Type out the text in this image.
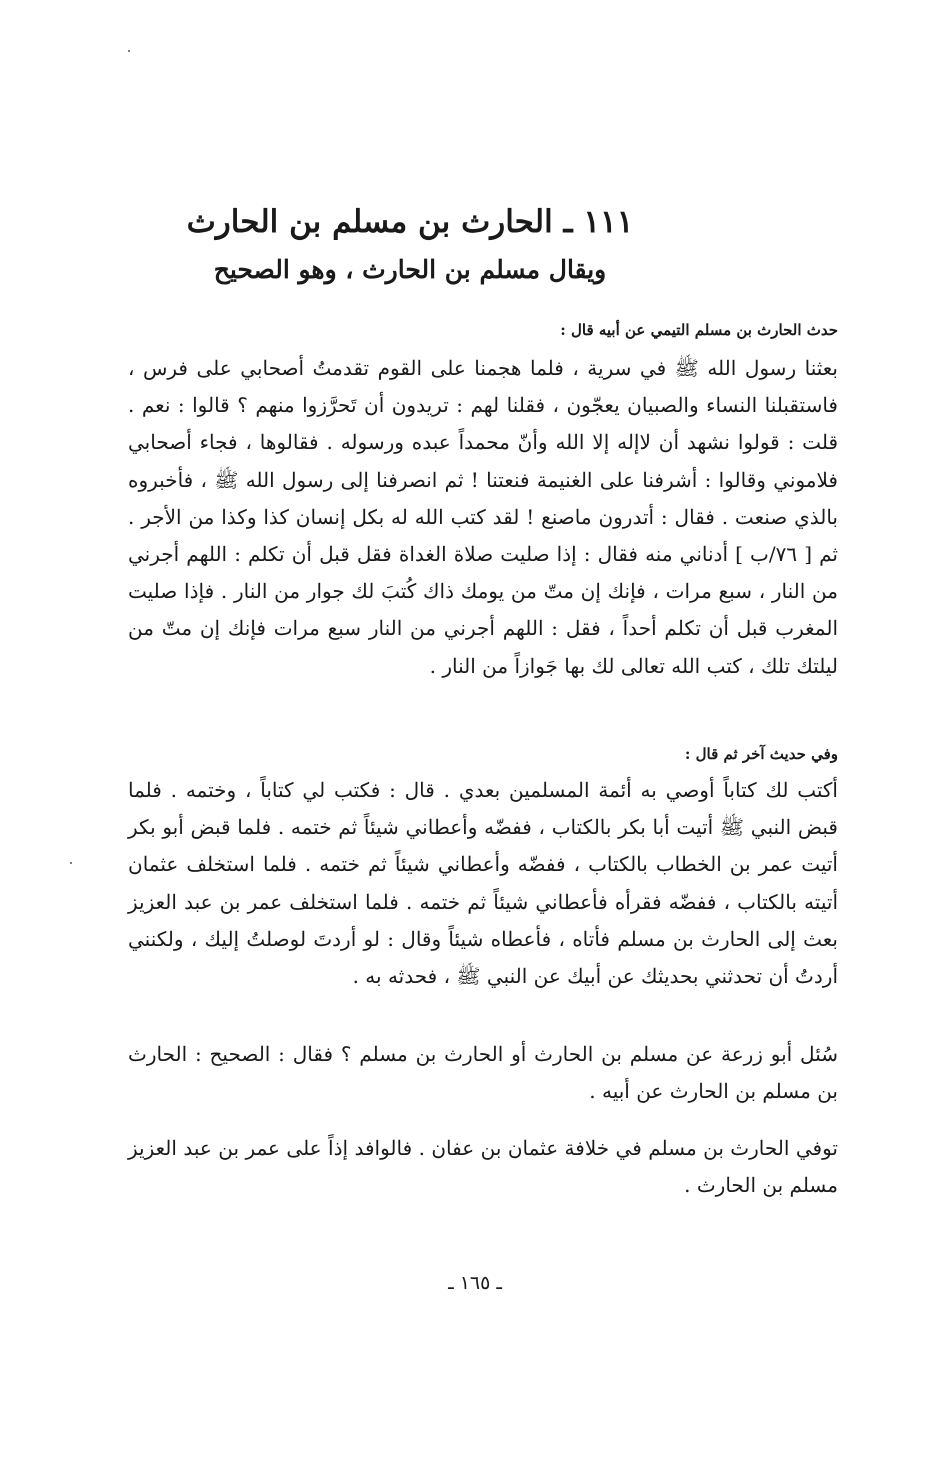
١١١ ـ الحارث بن مسلم بن الحارث
ويقال مسلم بن الحارث ، وهو الصحيح

حدث الحارث بن مسلم التيمي عن أبيه قال :

بعثنا رسول الله ﷺ في سرية ، فلما هجمنا على القوم تقدمتُ أصحابي على فرس ، فاستقبلنا النساء والصبيان يعجّون ، فقلنا لهم : تريدون أن تَحرَّزوا منهم ؟ قالوا : نعم . قلت : قولوا نشهد أن لاإله إلا الله وأنّ محمداً عبده ورسوله . فقالوها ، فجاء أصحابي فلاموني وقالوا : أشرفنا على الغنيمة فنعتنا ! ثم انصرفنا إلى رسول الله ﷺ ، فأخبروه بالذي صنعت . فقال : أتدرون ماصنع ! لقد كتب الله له بكل إنسان كذا وكذا من الأجر . ثم [ ٧٦/ب ] أدناني منه فقال : إذا صليت صلاة الغداة فقل قبل أن تكلم : اللهم أجرني من النار ، سبع مرات ، فإنك إن متّ من يومك ذاك كُتبَ لك جوار من النار . فإذا صليت المغرب قبل أن تكلم أحداً ، فقل : اللهم أجرني من النار سبع مرات فإنك إن متّ من ليلتك تلك ، كتب الله تعالى لك بها جَوازاً من النار .

وفي حديث آخر ثم قال :

أكتب لك كتاباً أوصي به أئمة المسلمين بعدي . قال : فكتب لي كتاباً ، وختمه . فلما قبض النبي ﷺ أتيت أبا بكر بالكتاب ، ففضّه وأعطاني شيئاً ثم ختمه . فلما قبض أبو بكر أتيت عمر بن الخطاب بالكتاب ، ففضّه وأعطاني شيئاً ثم ختمه . فلما استخلف عثمان أتيته بالكتاب ، ففضّه فقرأه فأعطاني شيئاً ثم ختمه . فلما استخلف عمر بن عبد العزيز بعث إلى الحارث بن مسلم فأتاه ، فأعطاه شيئاً وقال : لو أردتَ لوصلتُ إليك ، ولكنني أردتُ أن تحدثني بحديثك عن أبيك عن النبي ﷺ ، فحدثه به .

سُئل أبو زرعة عن مسلم بن الحارث أو الحارث بن مسلم ؟ فقال : الصحيح : الحارث بن مسلم بن الحارث عن أبيه .

توفي الحارث بن مسلم في خلافة عثمان بن عفان . فالوافد إذاً على عمر بن عبد العزيز مسلم بن الحارث .

ـ ١٦٥ ـ
